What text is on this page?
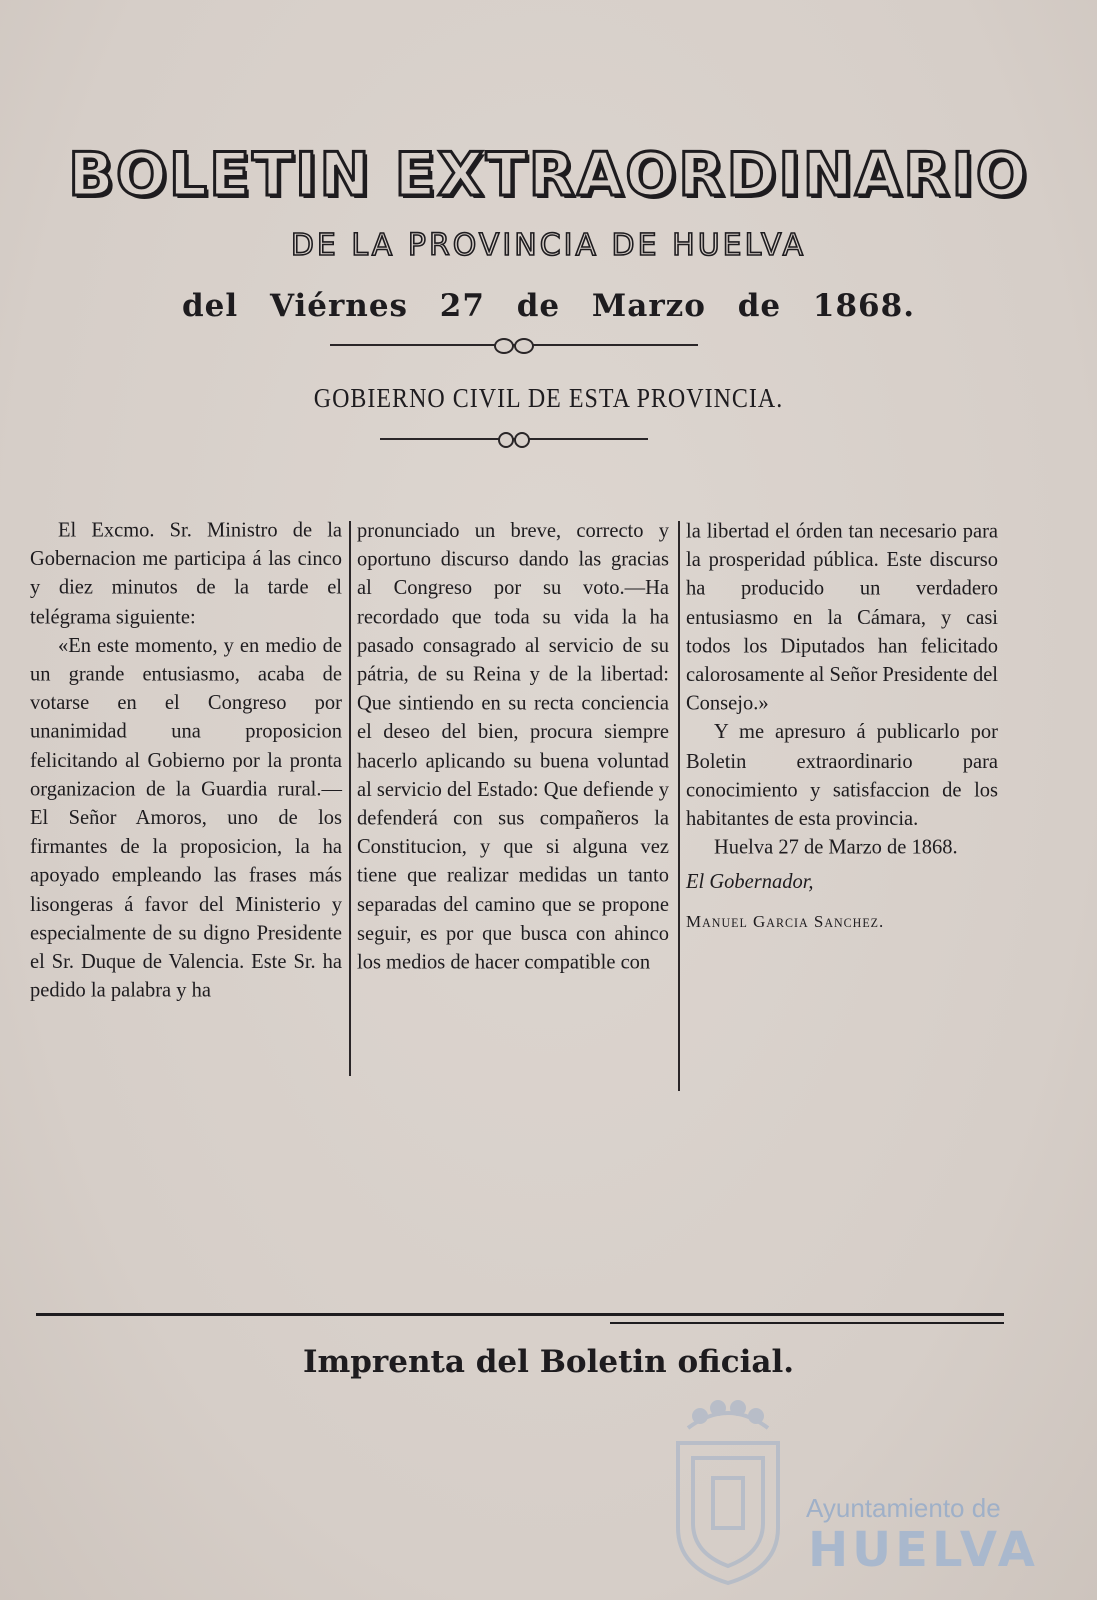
BOLETIN EXTRAORDINARIO
DE LA PROVINCIA DE HUELVA
del Viérnes 27 de Marzo de 1868.
GOBIERNO CIVIL DE ESTA PROVINCIA.

El Excmo. Sr. Ministro de la Gobernacion me participa á las cinco y diez minutos de la tarde el telégrama siguiente:

«En este momento, y en medio de un grande entusiasmo, acaba de votarse en el Congreso por unanimidad una proposicion felicitando al Gobierno por la pronta organizacion de la Guardia rural.— El Señor Amoros, uno de los firmantes de la proposicion, la ha apoyado empleando las frases más lisongeras á favor del Ministerio y especialmente de su digno Presidente el Sr. Duque de Valencia. Este Sr. ha pedido la palabra y ha

pronunciado un breve, correcto y oportuno discurso dando las gracias al Congreso por su voto.—Ha recordado que toda su vida la ha pasado consagrado al servicio de su pátria, de su Reina y de la libertad: Que sintiendo en su recta conciencia el deseo del bien, procura siempre hacerlo aplicando su buena voluntad al servicio del Estado: Que defiende y defenderá con sus compañeros la Constitucion, y que si alguna vez tiene que realizar medidas un tanto separadas del camino que se propone seguir, es por que busca con ahinco los medios de hacer compatible con

la libertad el órden tan necesario para la prosperidad pública. Este discurso ha producido un verdadero entusiasmo en la Cámara, y casi todos los Diputados han felicitado calorosamente al Señor Presidente del Consejo.»

Y me apresuro á publicarlo por Boletin extraordinario para conocimiento y satisfaccion de los habitantes de esta provincia.

Huelva 27 de Marzo de 1868.

El Gobernador,
Manuel Garcia Sanchez.
Imprenta del Boletin oficial.
Ayuntamiento de
HUELVA
